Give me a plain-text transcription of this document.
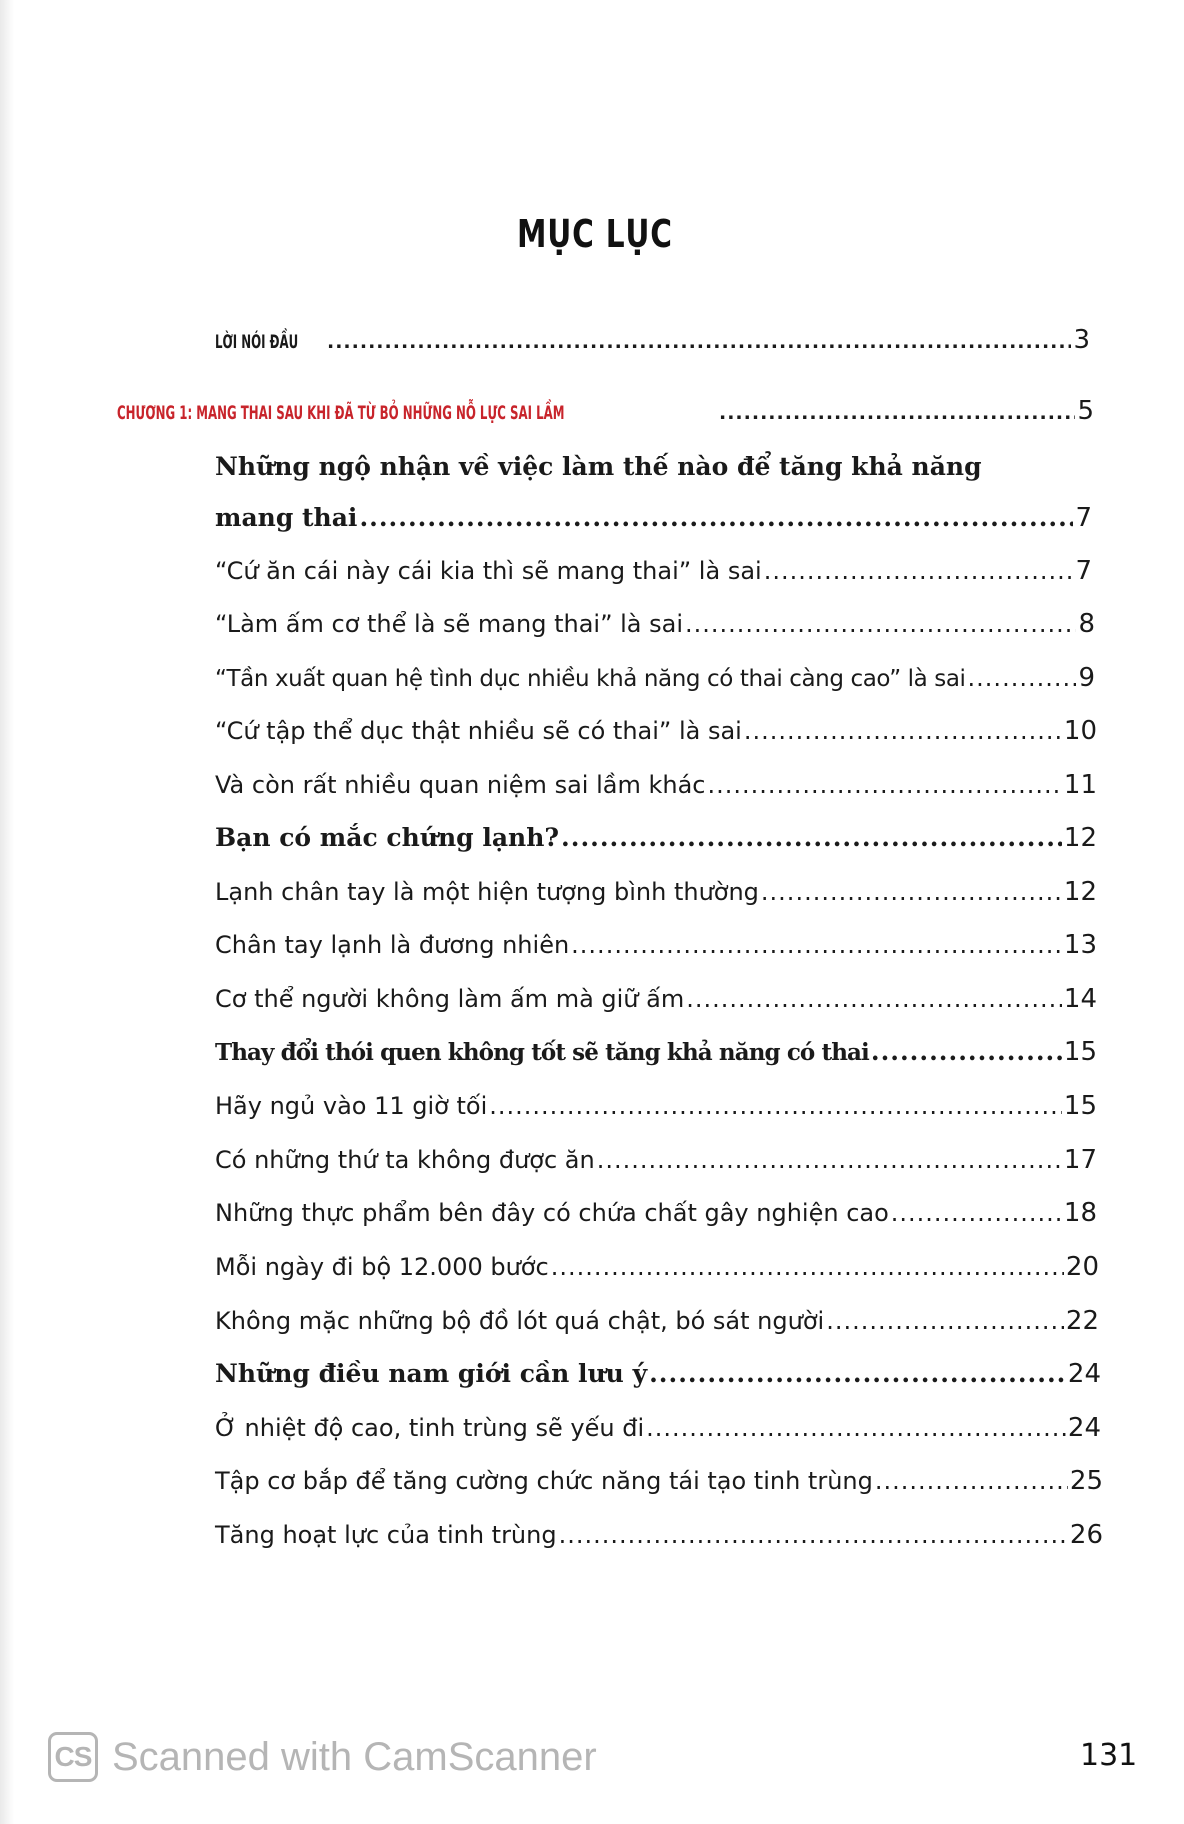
MỤC LỤC
LỜI NÓI ĐẦU .....	3
CHƯƠNG 1: MANG THAI SAU KHI ĐÃ TỪ BỎ NHỮNG NỖ LỰC SAI LẦM .....	5
Những ngộ nhận về việc làm thế nào để tăng khả năng
mang thai .....	7
“Cứ ăn cái này cái kia thì sẽ mang thai” là sai .....	7
“Làm ấm cơ thể là sẽ mang thai” là sai .....	8
“Tần xuất quan hệ tình dục nhiều khả năng có thai càng cao” là sai .....	9
“Cứ tập thể dục thật nhiều sẽ có thai” là sai .....	10
Và còn rất nhiều quan niệm sai lầm khác .....	11
Bạn có mắc chứng lạnh? .....	12
Lạnh chân tay là một hiện tượng bình thường .....	12
Chân tay lạnh là đương nhiên .....	13
Cơ thể người không làm ấm mà giữ ấm .....	14
Thay đổi thói quen không tốt sẽ tăng khả năng có thai .....	15
Hãy ngủ vào 11 giờ tối .....	15
Có những thứ ta không được ăn .....	17
Những thực phẩm bên đây có chứa chất gây nghiện cao .....	18
Mỗi ngày đi bộ 12.000 bước .....	20
Không mặc những bộ đồ lót quá chật, bó sát người .....	22
Những điều nam giới cần lưu ý .....	24
Ở nhiệt độ cao, tinh trùng sẽ yếu đi .....	24
Tập cơ bắp để tăng cường chức năng tái tạo tinh trùng .....	25
Tăng hoạt lực của tinh trùng .....	26
CS Scanned with CamScanner	131
